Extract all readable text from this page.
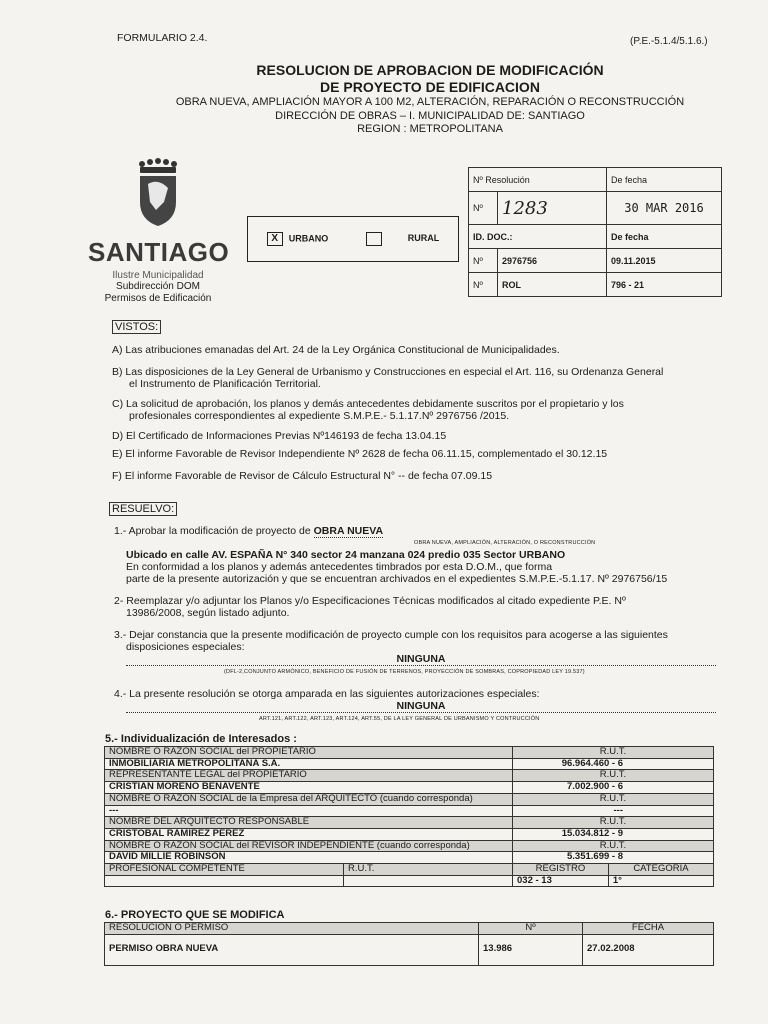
FORMULARIO 2.4.	(P.E.-5.1.4/5.1.6.)
RESOLUCION DE APROBACION DE MODIFICACIÓN
DE PROYECTO DE EDIFICACION
OBRA NUEVA, AMPLIACIÓN MAYOR A 100 M2, ALTERACIÓN, REPARACIÓN O RECONSTRUCCIÓN
DIRECCIÓN DE OBRAS – I. MUNICIPALIDAD DE: SANTIAGO
REGION : METROPOLITANA
SANTIAGO
Ilustre Municipalidad
Subdirección DOM
Permisos de Edificación
X URBANO	RURAL
Nº Resolución		De fecha
Nº	1283	30 MAR 2016
ID. DOC.:		De fecha
Nº	2976756	09.11.2015
Nº	ROL	796 - 21
VISTOS:
A) Las atribuciones emanadas del Art. 24 de la Ley Orgánica Constitucional de Municipalidades.
B) Las disposiciones de la Ley General de Urbanismo y Construcciones en especial el Art. 116, su Ordenanza General
el Instrumento de Planificación Territorial.
C) La solicitud de aprobación, los planos y demás antecedentes debidamente suscritos por el propietario y los
profesionales correspondientes al expediente S.M.P.E.- 5.1.17.Nº 2976756 /2015.
D) El Certificado de Informaciones Previas Nº146193 de fecha 13.04.15
E) El informe Favorable de Revisor Independiente Nº 2628 de fecha 06.11.15, complementado el 30.12.15
F) El informe Favorable de Revisor de Cálculo Estructural N° -- de fecha 07.09.15
RESUELVO:
1.- Aprobar la modificación de proyecto de OBRA NUEVA
OBRA NUEVA, AMPLIACIÓN, ALTERACIÓN, O RECONSTRUCCIÓN
Ubicado en calle AV. ESPAÑA N° 340 sector 24 manzana 024 predio 035 Sector URBANO
En conformidad a los planos y además antecedentes timbrados por esta D.O.M., que forma
parte de la presente autorización y que se encuentran archivados en el expedientes S.M.P.E.-5.1.17. Nº 2976756/15
2- Reemplazar y/o adjuntar los Planos y/o Especificaciones Técnicas modificados al citado expediente P.E. Nº
13986/2008, según listado adjunto.
3.- Dejar constancia que la presente modificación de proyecto cumple con los requisitos para acogerse a las siguientes
disposiciones especiales:
NINGUNA
(DFL-2,CONJUNTO ARMÓNICO, BENEFICIO DE FUSIÓN DE TERRENOS, PROYECCIÓN DE SOMBRAS, COPROPIEDAD LEY 19.537)
4.- La presente resolución se otorga amparada en las siguientes autorizaciones especiales:
NINGUNA
ART.121, ART.122, ART.123, ART.124, ART.55, DE LA LEY GENERAL DE URBANISMO Y CONTRUCCIÓN
5.- Individualización de Interesados :
NOMBRE O RAZON SOCIAL del PROPIETARIO		R.U.T.	
INMOBILIARIA METROPOLITANA S.A.		96.964.460 - 6	
REPRESENTANTE LEGAL del PROPIETARIO		R.U.T.	
CRISTIAN MORENO BENAVENTE		7.002.900 - 6	
NOMBRE O RAZON SOCIAL de la Empresa del ARQUITECTO (cuando corresponda)		R.U.T.	
---		---	
NOMBRE DEL ARQUITECTO RESPONSABLE		R.U.T.	
CRISTOBAL RAMIREZ PEREZ		15.034.812 - 9	
NOMBRE O RAZON SOCIAL del REVISOR INDEPENDIENTE (cuando corresponda)		R.U.T.	
DAVID MILLIE ROBINSON		5.351.699 - 8	
PROFESIONAL COMPETENTE	R.U.T.	REGISTRO	CATEGORIA
		032 - 13	1°
6.- PROYECTO QUE SE MODIFICA
RESOLUCION O PERMISO	Nº	FECHA
PERMISO OBRA NUEVA	13.986	27.02.2008
